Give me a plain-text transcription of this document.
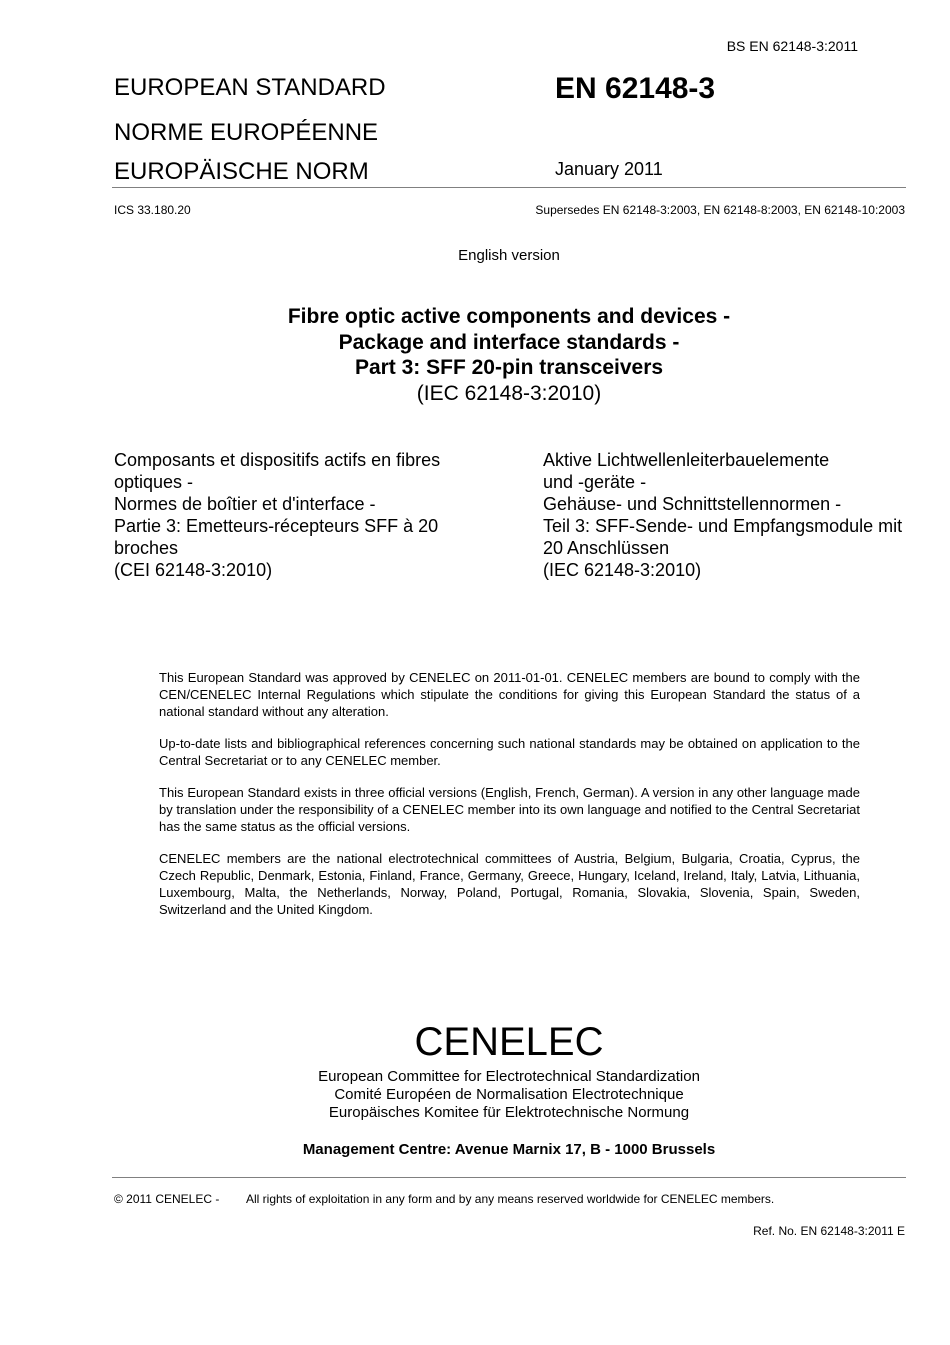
BS EN 62148-3:2011
EUROPEAN STANDARD
NORME EUROPÉENNE
EUROPÄISCHE NORM
EN 62148-3
January 2011
ICS 33.180.20	Supersedes EN 62148-3:2003, EN 62148-8:2003, EN 62148-10:2003
English version
Fibre optic active components and devices -
Package and interface standards -
Part 3: SFF 20-pin transceivers
(IEC 62148-3:2010)
Composants et dispositifs actifs en fibres optiques -
Normes de boîtier et d'interface -
Partie 3: Emetteurs-récepteurs SFF à 20 broches
(CEI 62148-3:2010)
Aktive Lichtwellenleiterbauelemente
und -geräte -
Gehäuse- und Schnittstellennormen -
Teil 3: SFF-Sende- und Empfangsmodule mit 20 Anschlüssen
(IEC 62148-3:2010)

This European Standard was approved by CENELEC on 2011-01-01. CENELEC members are bound to comply with the CEN/CENELEC Internal Regulations which stipulate the conditions for giving this European Standard the status of a national standard without any alteration.

Up-to-date lists and bibliographical references concerning such national standards may be obtained on application to the Central Secretariat or to any CENELEC member.

This European Standard exists in three official versions (English, French, German). A version in any other language made by translation under the responsibility of a CENELEC member into its own language and notified to the Central Secretariat has the same status as the official versions.

CENELEC members are the national electrotechnical committees of Austria, Belgium, Bulgaria, Croatia, Cyprus, the Czech Republic, Denmark, Estonia, Finland, France, Germany, Greece, Hungary, Iceland, Ireland, Italy, Latvia, Lithuania, Luxembourg, Malta, the Netherlands, Norway, Poland, Portugal, Romania, Slovakia, Slovenia, Spain, Sweden, Switzerland and the United Kingdom.

CENELEC
European Committee for Electrotechnical Standardization
Comité Européen de Normalisation Electrotechnique
Europäisches Komitee für Elektrotechnische Normung
Management Centre: Avenue Marnix 17, B - 1000 Brussels
© 2011 CENELEC - All rights of exploitation in any form and by any means reserved worldwide for CENELEC members.
Ref. No. EN 62148-3:2011 E
